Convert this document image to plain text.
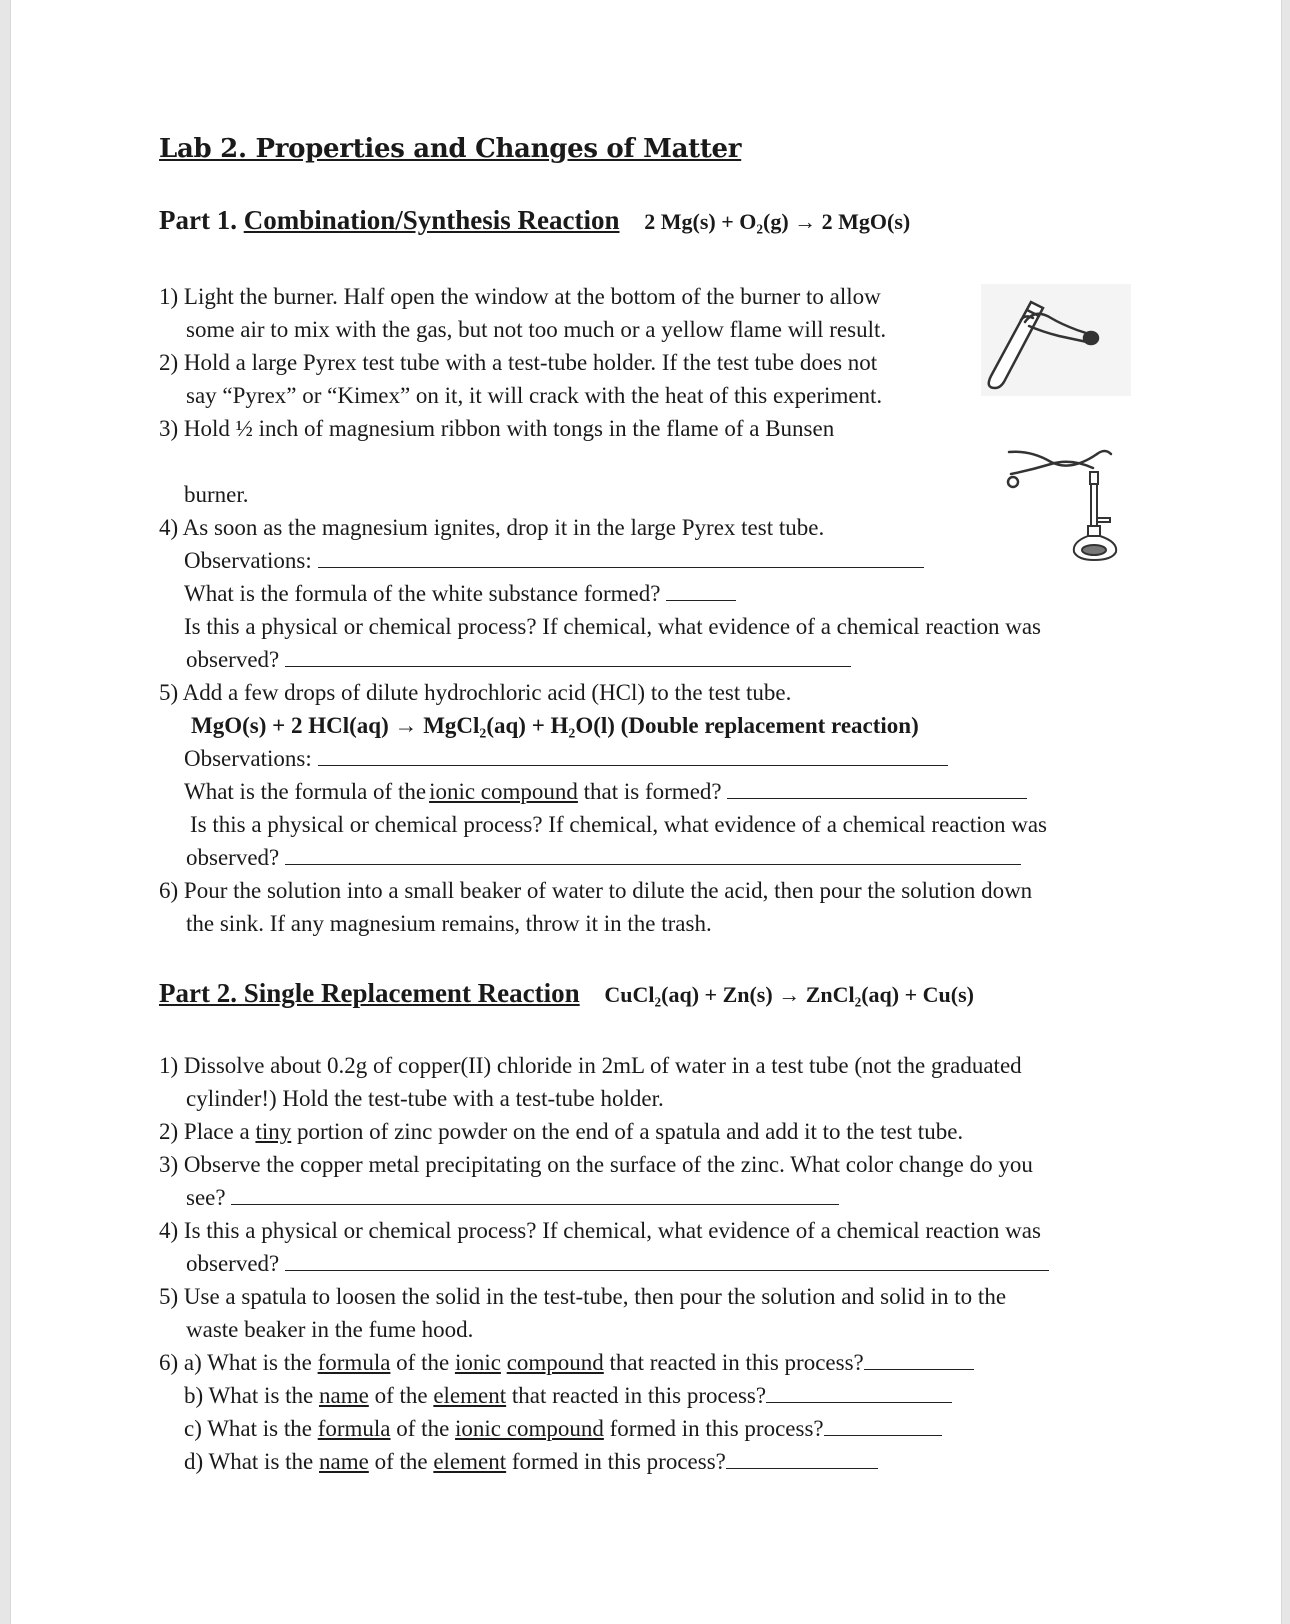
Lab 2. Properties and Changes of Matter
Part 1. Combination/Synthesis Reaction 2 Mg(s) + O₂(g) → 2 MgO(s)
1) Light the burner. Half open the window at the bottom of the burner to allow
some air to mix with the gas, but not too much or a yellow flame will result.
2) Hold a large Pyrex test tube with a test-tube holder. If the test tube does not
say “Pyrex” or “Kimex” on it, it will crack with the heat of this experiment.
3) Hold ½ inch of magnesium ribbon with tongs in the flame of a Bunsen
burner.
4) As soon as the magnesium ignites, drop it in the large Pyrex test tube.
Observations:
What is the formula of the white substance formed?
Is this a physical or chemical process? If chemical, what evidence of a chemical reaction was
observed?
5) Add a few drops of dilute hydrochloric acid (HCl) to the test tube.
MgO(s) + 2 HCl(aq) → MgCl₂(aq) + H₂O(l) (Double replacement reaction)
Observations:
What is the formula of the ionic compound that is formed?
Is this a physical or chemical process? If chemical, what evidence of a chemical reaction was
observed?
6) Pour the solution into a small beaker of water to dilute the acid, then pour the solution down
the sink. If any magnesium remains, throw it in the trash.
Part 2. Single Replacement Reaction CuCl₂(aq) + Zn(s) → ZnCl₂(aq) + Cu(s)
1) Dissolve about 0.2g of copper(II) chloride in 2mL of water in a test tube (not the graduated
cylinder!) Hold the test-tube with a test-tube holder.
2) Place a tiny portion of zinc powder on the end of a spatula and add it to the test tube.
3) Observe the copper metal precipitating on the surface of the zinc. What color change do you
see?
4) Is this a physical or chemical process? If chemical, what evidence of a chemical reaction was
observed?
5) Use a spatula to loosen the solid in the test-tube, then pour the solution and solid in to the
waste beaker in the fume hood.
6) a) What is the formula of the ionic compound that reacted in this process?
b) What is the name of the element that reacted in this process?
c) What is the formula of the ionic compound formed in this process?
d) What is the name of the element formed in this process?
